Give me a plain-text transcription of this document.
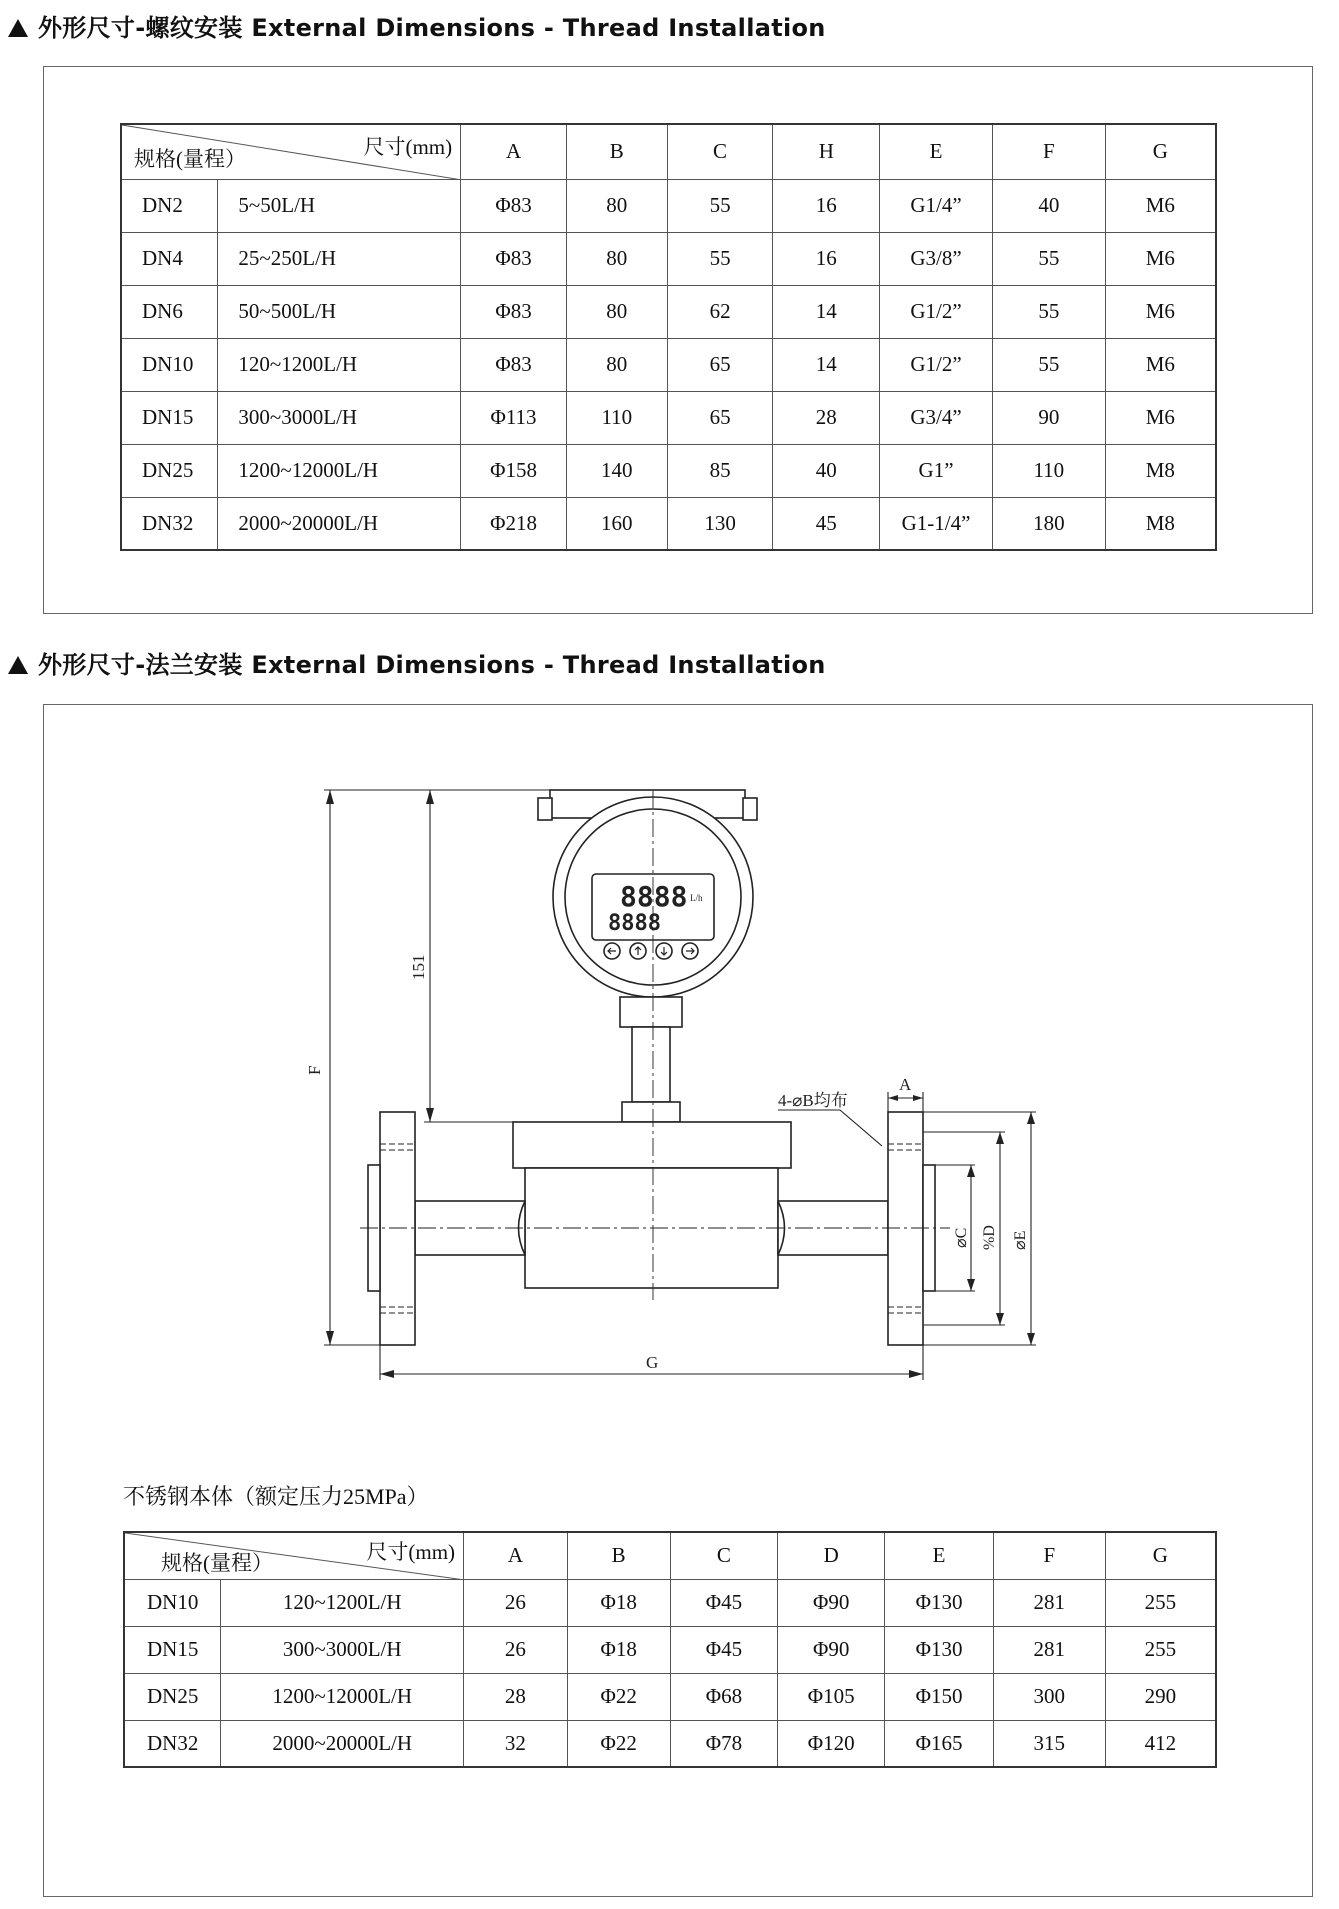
外形尺寸-螺纹安装 External Dimensions - Thread Installation
尺寸(mm)
规格(量程）		A	B	C	H	E	F	G
DN2	5~50L/H	Φ83	80	55	16	G1/4”	40	M6
DN4	25~250L/H	Φ83	80	55	16	G3/8”	55	M6
DN6	50~500L/H	Φ83	80	62	14	G1/2”	55	M6
DN10	120~1200L/H	Φ83	80	65	14	G1/2”	55	M6
DN15	300~3000L/H	Φ113	110	65	28	G3/4”	90	M6
DN25	1200~12000L/H	Φ158	140	85	40	G1”	110	M8
DN32	2000~20000L/H	Φ218	160	130	45	G1-1/4”	180	M8
外形尺寸-法兰安装 External Dimensions - Thread Installation
8888 L/h
8888
F
151
G
A
4-⌀B均布
⌀C %D ⌀E
不锈钢本体（额定压力25MPa）
尺寸(mm)
规格(量程）		A	B	C	D	E	F	G
DN10	120~1200L/H	26	Φ18	Φ45	Φ90	Φ130	281	255
DN15	300~3000L/H	26	Φ18	Φ45	Φ90	Φ130	281	255
DN25	1200~12000L/H	28	Φ22	Φ68	Φ105	Φ150	300	290
DN32	2000~20000L/H	32	Φ22	Φ78	Φ120	Φ165	315	412
